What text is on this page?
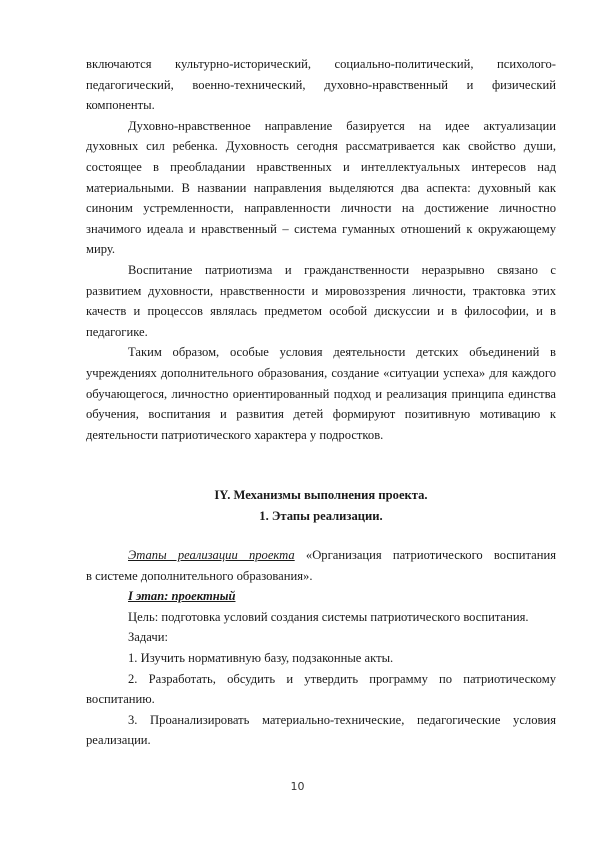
включаются культурно-исторический, социально-политический, психолого-педагогический, военно-технический, духовно-нравственный и физический компоненты.

Духовно-нравственное направление базируется на идее актуализации духовных сил ребенка. Духовность сегодня рассматривается как свойство души, состоящее в преобладании нравственных и интеллектуальных интересов над материальными. В названии направления выделяются два аспекта: духовный как синоним устремленности, направленности личности на достижение личностно значимого идеала и нравственный – система гуманных отношений к окружающему миру.

Воспитание патриотизма и гражданственности неразрывно связано с развитием духовности, нравственности и мировоззрения личности, трактовка этих качеств и процессов являлась предметом особой дискуссии и в философии, и в педагогике.

Таким образом, особые условия деятельности детских объединений в учреждениях дополнительного образования, создание «ситуации успеха» для каждого обучающегося, личностно ориентированный подход и реализация принципа единства обучения, воспитания и развития детей формируют позитивную мотивацию к деятельности патриотического характера у подростков.

IY. Механизмы выполнения проекта.
1. Этапы реализации.

Этапы реализации проекта «Организация патриотического воспитания

в системе дополнительного образования».

I этап: проектный

Цель: подготовка условий создания системы патриотического воспитания.

Задачи:

1. Изучить нормативную базу, подзаконные акты.

2. Разработать, обсудить и утвердить программу по патриотическому воспитанию.

3. Проанализировать материально-технические, педагогические условия реализации.

10
